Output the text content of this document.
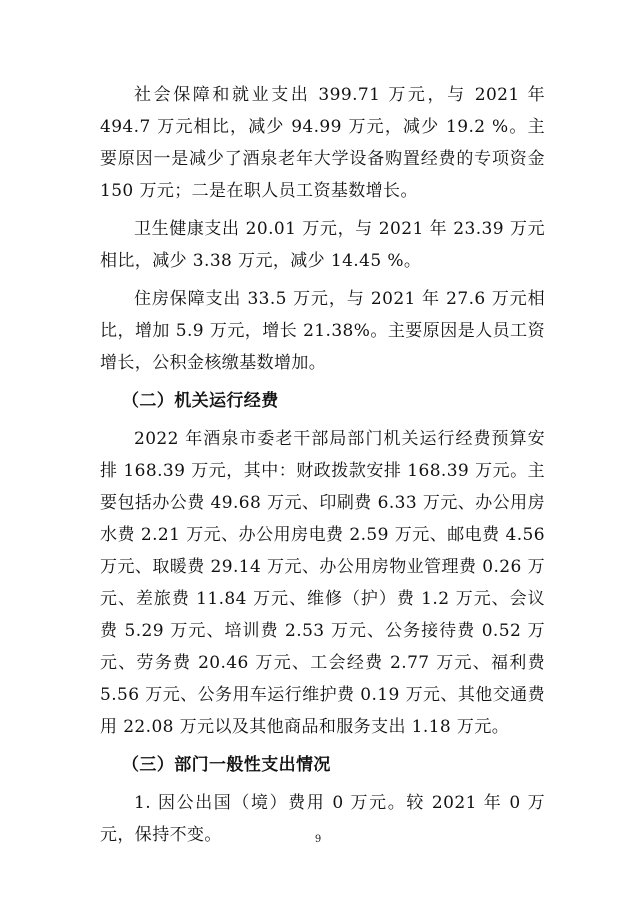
社会保障和就业支出 399.71 万元，与 2021 年 494.7 万元相比，减少 94.99 万元，减少 19.2 %。主要原因一是减少了酒泉老年大学设备购置经费的专项资金 150 万元；二是在职人员工资基数增长。

卫生健康支出 20.01 万元，与 2021 年 23.39 万元相比，减少 3.38 万元，减少 14.45 %。

住房保障支出 33.5 万元，与 2021 年 27.6 万元相比，增加 5.9 万元，增长 21.38%。主要原因是人员工资增长，公积金核缴基数增加。

（二）机关运行经费

2022 年酒泉市委老干部局部门机关运行经费预算安排 168.39 万元，其中：财政拨款安排 168.39 万元。主要包括办公费 49.68 万元、印刷费 6.33 万元、办公用房水费 2.21 万元、办公用房电费 2.59 万元、邮电费 4.56 万元、取暖费 29.14 万元、办公用房物业管理费 0.26 万元、差旅费 11.84 万元、维修（护）费 1.2 万元、会议费 5.29 万元、培训费 2.53 万元、公务接待费 0.52 万元、劳务费 20.46 万元、工会经费 2.77 万元、福利费 5.56 万元、公务用车运行维护费 0.19 万元、其他交通费用 22.08 万元以及其他商品和服务支出 1.18 万元。

（三）部门一般性支出情况

1. 因公出国（境）费用 0 万元。较 2021 年 0 万元，保持不变。	9
